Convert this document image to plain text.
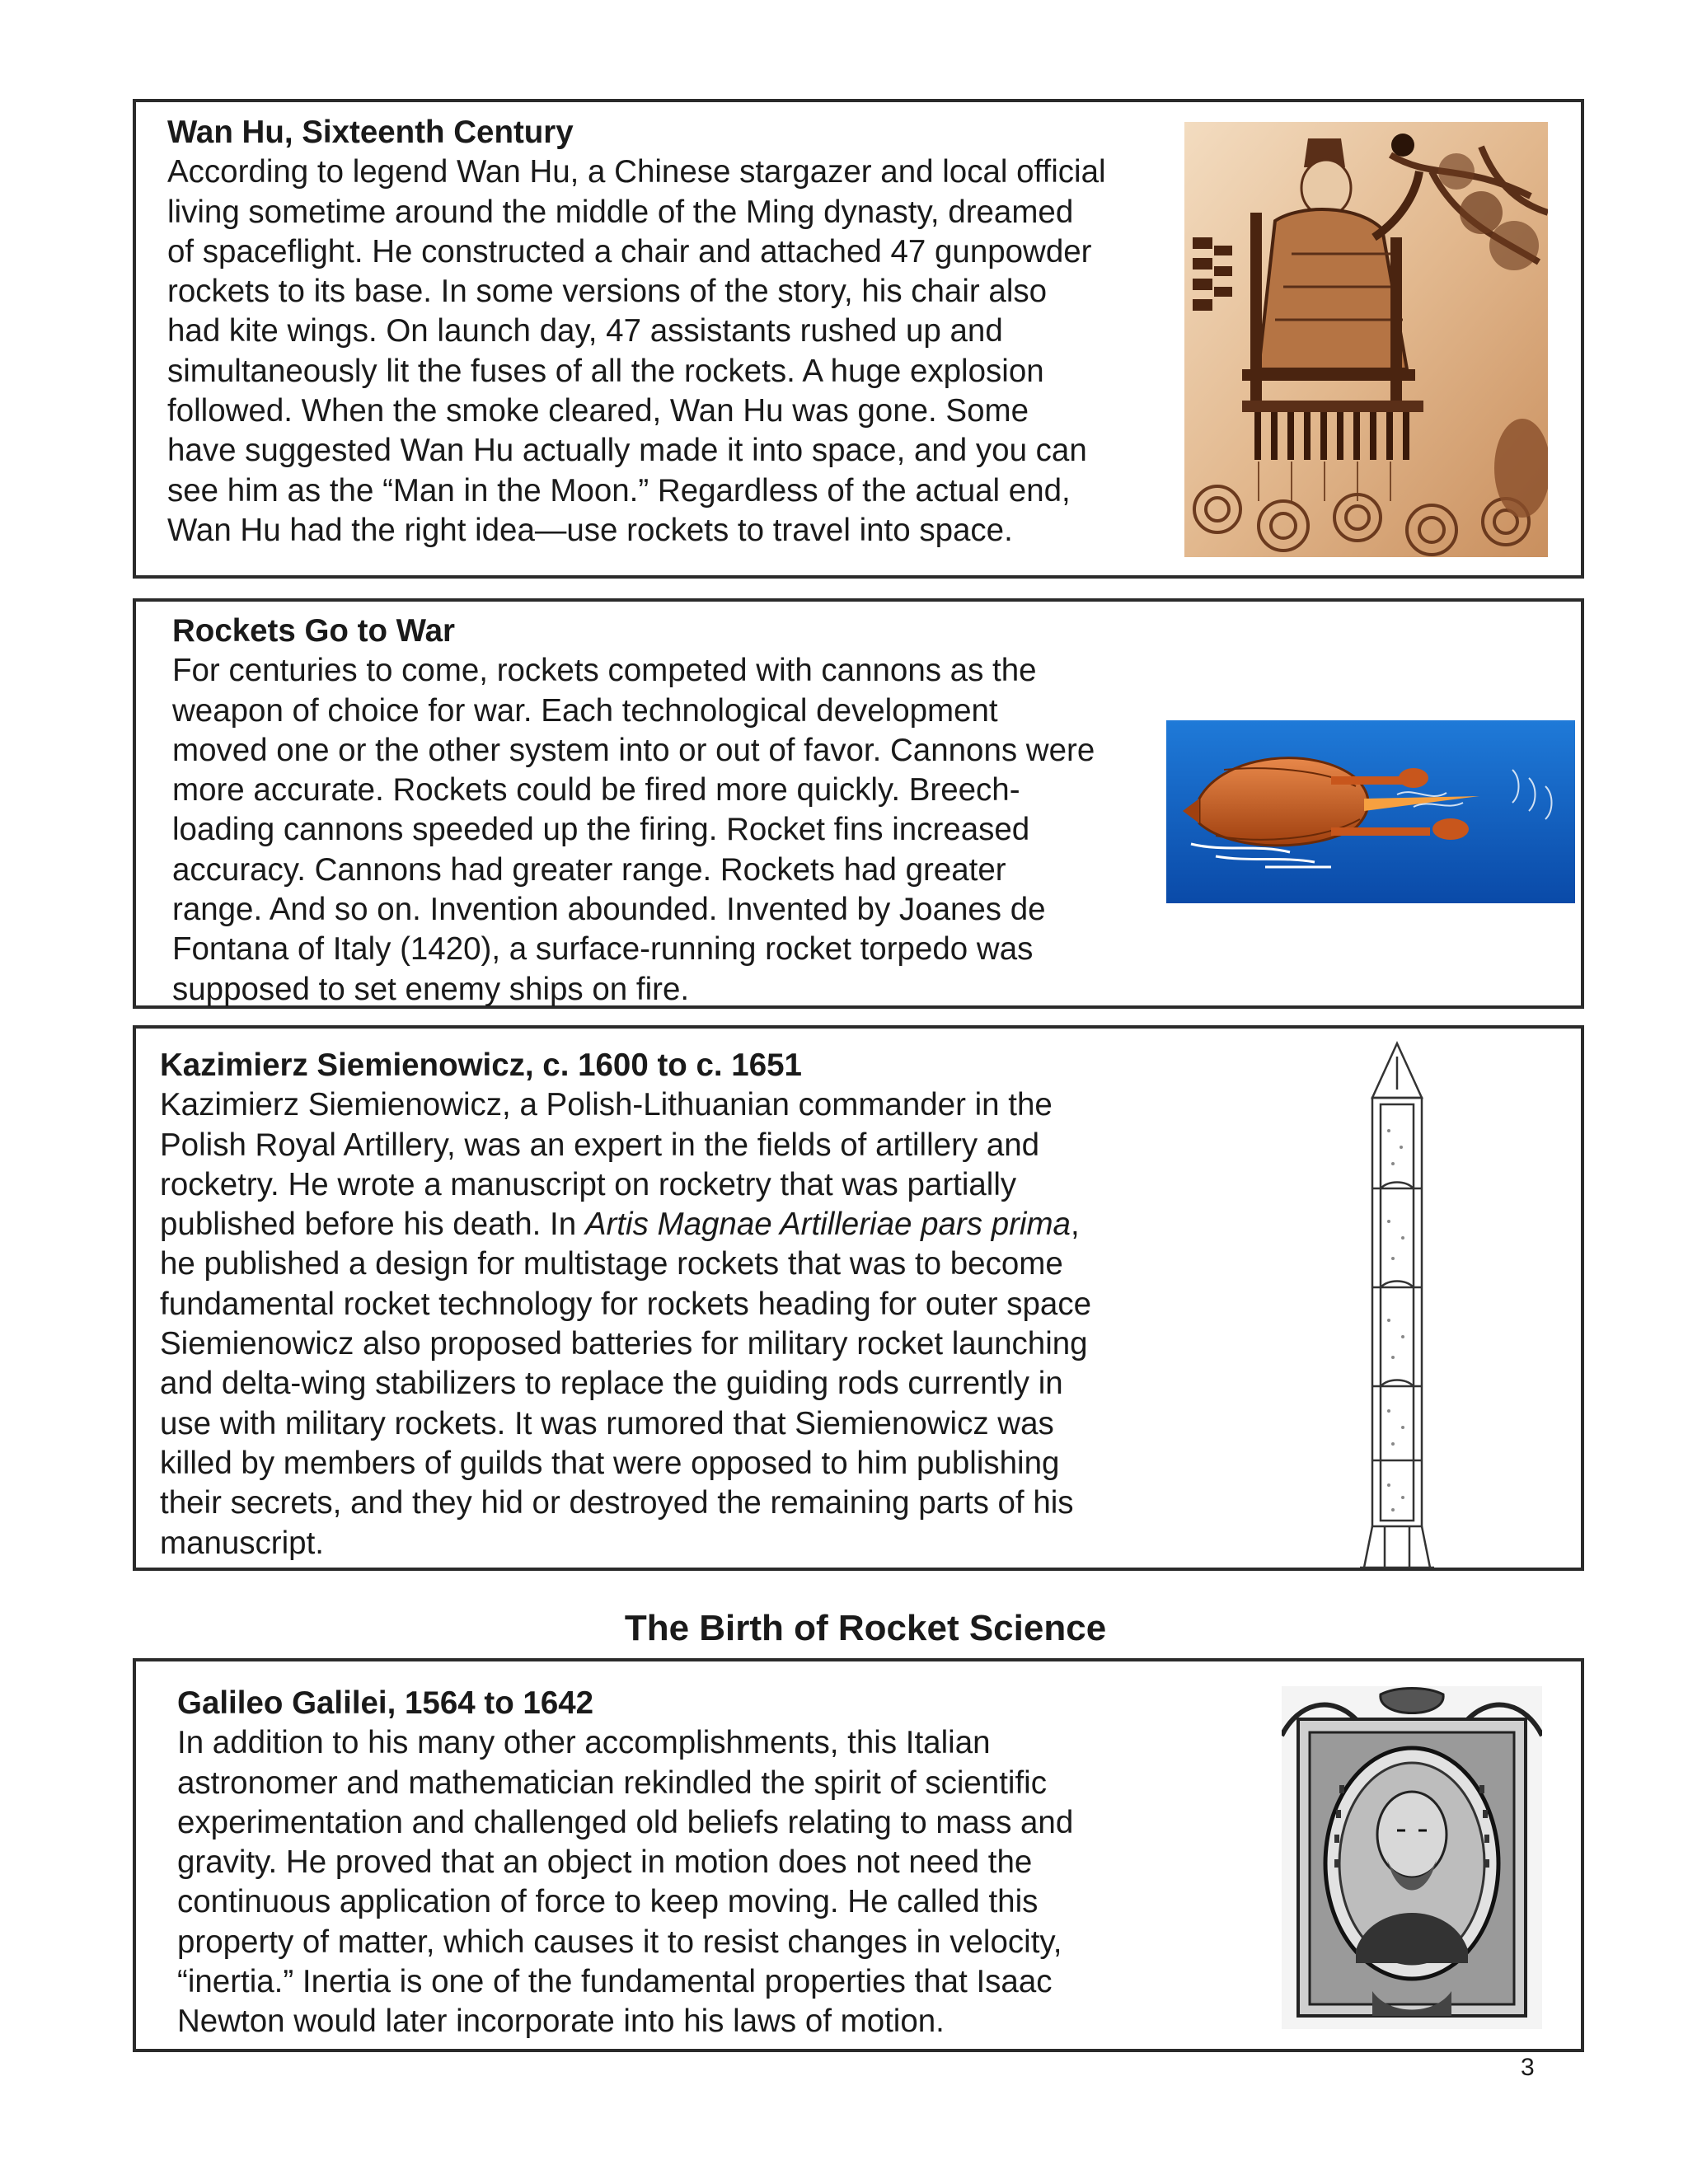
Wan Hu, Sixteenth Century
According to legend Wan Hu, a Chinese stargazer and local official
living sometime around the middle of the Ming dynasty, dreamed
of spaceflight. He constructed a chair and attached 47 gunpowder
rockets to its base. In some versions of the story, his chair also
had kite wings. On launch day, 47 assistants rushed up and
simultaneously lit the fuses of all the rockets. A huge explosion
followed. When the smoke cleared, Wan Hu was gone. Some
have suggested Wan Hu actually made it into space, and you can
see him as the “Man in the Moon.” Regardless of the actual end,
Wan Hu had the right idea—use rockets to travel into space.
Rockets Go to War
For centuries to come, rockets competed with cannons as the
weapon of choice for war. Each technological development
moved one or the other system into or out of favor. Cannons were
more accurate. Rockets could be fired more quickly. Breech-
loading cannons speeded up the firing. Rocket fins increased
accuracy. Cannons had greater range. Rockets had greater
range. And so on. Invention abounded. Invented by Joanes de
Fontana of Italy (1420), a surface-running rocket torpedo was
supposed to set enemy ships on fire.
Kazimierz Siemienowicz, c. 1600 to c. 1651
Kazimierz Siemienowicz, a Polish-Lithuanian commander in the
Polish Royal Artillery, was an expert in the fields of artillery and
rocketry. He wrote a manuscript on rocketry that was partially
published before his death. In Artis Magnae Artilleriae pars prima,
he published a design for multistage rockets that was to become
fundamental rocket technology for rockets heading for outer space
Siemienowicz also proposed batteries for military rocket launching
and delta-wing stabilizers to replace the guiding rods currently in
use with military rockets. It was rumored that Siemienowicz was
killed by members of guilds that were opposed to him publishing
their secrets, and they hid or destroyed the remaining parts of his
manuscript.
The Birth of Rocket Science
Galileo Galilei, 1564 to 1642
In addition to his many other accomplishments, this Italian
astronomer and mathematician rekindled the spirit of scientific
experimentation and challenged old beliefs relating to mass and
gravity. He proved that an object in motion does not need the
continuous application of force to keep moving. He called this
property of matter, which causes it to resist changes in velocity,
“inertia.” Inertia is one of the fundamental properties that Isaac
Newton would later incorporate into his laws of motion.
3
